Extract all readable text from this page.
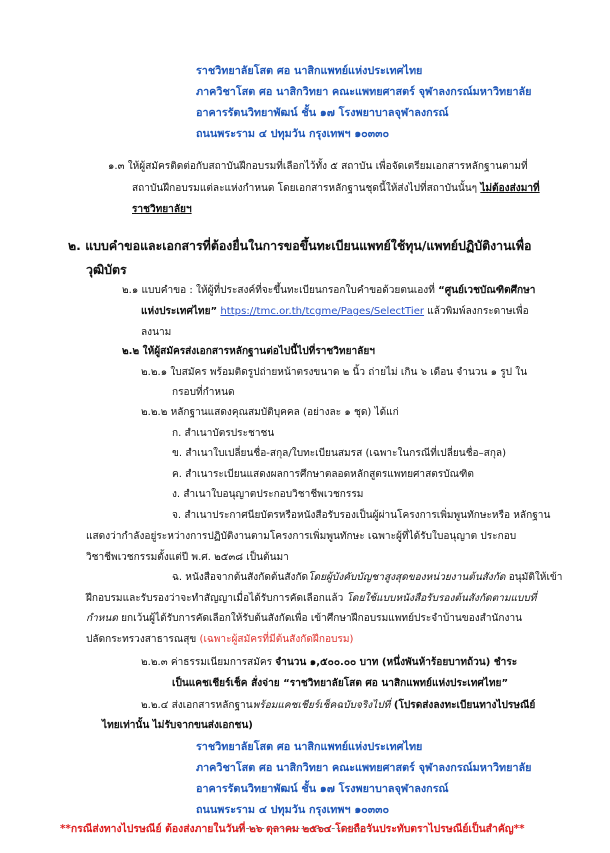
ราชวิทยาลัยโสต ศอ นาสิกแพทย์แห่งประเทศไทย
ภาควิชาโสต ศอ นาสิกวิทยา คณะแพทยศาสตร์ จุฬาลงกรณ์มหาวิทยาลัย
อาคารรัตนวิทยาพัฒน์ ชั้น ๑๗ โรงพยาบาลจุฬาลงกรณ์
ถนนพระราม ๔ ปทุมวัน กรุงเทพฯ ๑๐๓๓๐
๑.๓ ให้ผู้สมัครติดต่อกับสถาบันฝึกอบรมที่เลือกไว้ทั้ง ๕ สถาบัน เพื่อจัดเตรียมเอกสารหลักฐานตามที่
สถาบันฝึกอบรมแต่ละแห่งกำหนด โดยเอกสารหลักฐานชุดนี้ให้ส่งไปที่สถาบันนั้นๆ ไม่ต้องส่งมาที่
ราชวิทยาลัยฯ
๒. แบบคำขอและเอกสารที่ต้องยื่นในการขอขึ้นทะเบียนแพทย์ใช้ทุน/แพทย์ปฏิบัติงานเพื่อ
วุฒิบัตร
๒.๑ แบบคำขอ : ให้ผู้ที่ประสงค์ที่จะขึ้นทะเบียนกรอกใบคำขอด้วยตนเองที่ “ศูนย์เวชบัณฑิตศึกษา
แห่งประเทศไทย” https://tmc.or.th/tcgme/Pages/SelectTier แล้วพิมพ์ลงกระดาษเพื่อ
ลงนาม
๒.๒ ให้ผู้สมัครส่งเอกสารหลักฐานต่อไปนี้ไปที่ราชวิทยาลัยฯ
๒.๒.๑ ใบสมัคร พร้อมติดรูปถ่ายหน้าตรงขนาด ๒ นิ้ว ถ่ายไม่ เกิน ๖ เดือน จำนวน ๑ รูป ใน
กรอบที่กำหนด
๒.๒.๒ หลักฐานแสดงคุณสมบัติบุคคล (อย่างละ ๑ ชุด) ได้แก่
ก. สำเนาบัตรประชาชน
ข. สำเนาใบเปลี่ยนชื่อ-สกุล/ใบทะเบียนสมรส (เฉพาะในกรณีที่เปลี่ยนชื่อ–สกุล)
ค. สำเนาระเบียนแสดงผลการศึกษาตลอดหลักสูตรแพทยศาสตรบัณฑิต
ง. สำเนาใบอนุญาตประกอบวิชาชีพเวชกรรม
จ. สำเนาประกาศนียบัตรหรือหนังสือรับรองเป็นผู้ผ่านโครงการเพิ่มพูนทักษะหรือ หลักฐาน
แสดงว่ากำลังอยู่ระหว่างการปฏิบัติงานตามโครงการเพิ่มพูนทักษะ เฉพาะผู้ที่ได้รับใบอนุญาต ประกอบ
วิชาชีพเวชกรรมตั้งแต่ปี พ.ศ. ๒๕๓๘ เป็นต้นมา
ฉ. หนังสือจากต้นสังกัดต้นสังกัดโดยผู้บังคับบัญชาสูงสุดของหน่วยงานต้นสังกัด อนุมัติให้เข้า
ฝึกอบรมและรับรองว่าจะทำสัญญาเมื่อได้รับการคัดเลือกแล้ว โดยใช้แบบหนังสือรับรองต้นสังกัดตามแบบที่
กำหนด ยกเว้นผู้ได้รับการคัดเลือกให้รับต้นสังกัดเพื่อ เข้าศึกษาฝึกอบรมแพทย์ประจำบ้านของสำนักงาน
ปลัดกระทรวงสาธารณสุข (เฉพาะผู้สมัครที่มีต้นสังกัดฝึกอบรม)
๒.๒.๓ ค่าธรรมเนียมการสมัคร จำนวน ๑,๕๐๐.๐๐ บาท (หนึ่งพันห้าร้อยบาทถ้วน) ชำระ
เป็นแคชเชียร์เช็ค สั่งจ่าย “ราชวิทยาลัยโสต ศอ นาสิกแพทย์แห่งประเทศไทย”
๒.๒.๔ ส่งเอกสารหลักฐานพร้อมแคชเชียร์เช็คฉบับจริงไปที่ (โปรดส่งลงทะเบียนทางไปรษณีย์
ไทยเท่านั้น ไม่รับจากขนส่งเอกชน)
ราชวิทยาลัยโสต ศอ นาสิกแพทย์แห่งประเทศไทย
ภาควิชาโสต ศอ นาสิกวิทยา คณะแพทยศาสตร์ จุฬาลงกรณ์มหาวิทยาลัย
อาคารรัตนวิทยาพัฒน์ ชั้น ๑๗ โรงพยาบาลจุฬาลงกรณ์
ถนนพระราม ๔ ปทุมวัน กรุงเทพฯ ๑๐๓๓๐
**กรณีส่งทางไปรษณีย์ ต้องส่งภายในวันที่ ๒๖ ตุลาคม ๒๕๖๔ โดยถือวันประทับตราไปรษณีย์เป็นสำคัญ**
